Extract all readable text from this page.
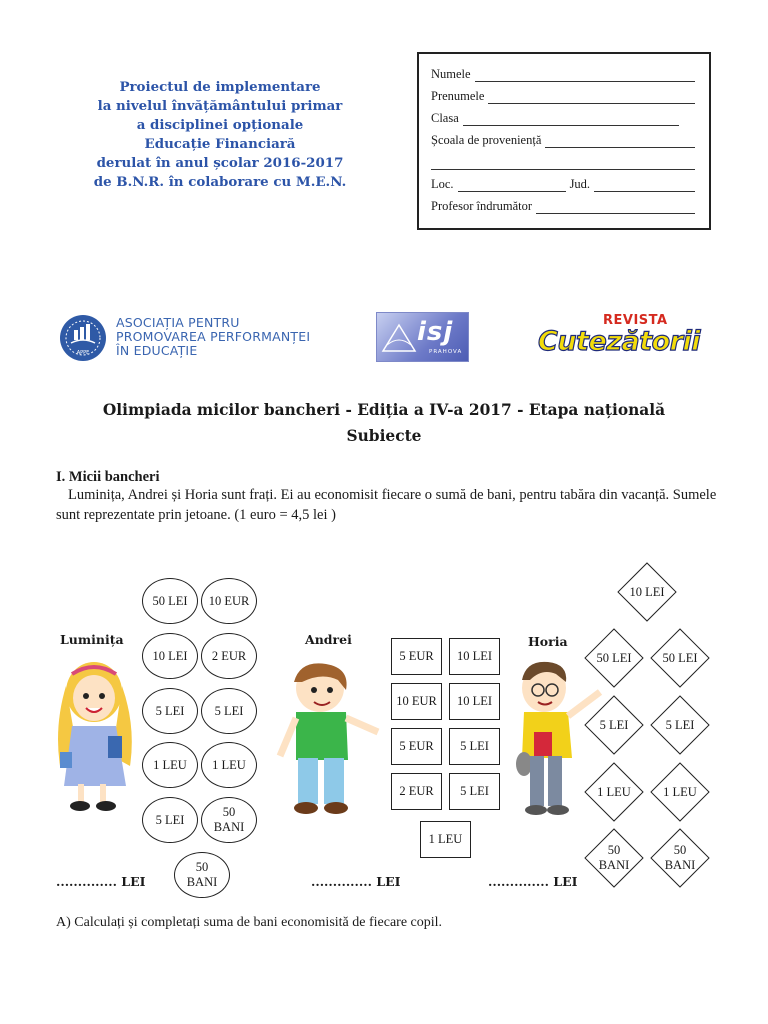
Proiectul de implementare
la nivelul învățământului primar
a disciplinei opționale
Educație Financiară
derulat în anul școlar 2016-2017
de B.N.R. în colaborare cu M.E.N.
Numele
Prenumele
Clasa
Școala de proveniență
Loc.	Jud.
Profesor îndrumător
APPE
ASOCIAȚIA PENTRU
PROMOVAREA PERFORMANȚEI
ÎN EDUCAȚIE
isj
PRAHOVA
REVISTA
Cutezătorii
Olimpiada micilor bancheri - Ediția a IV-a 2017 - Etapa națională
Subiecte
I. Micii bancheri
Luminița, Andrei și Horia sunt frați. Ei au economisit fiecare o sumă de bani, pentru tabăra din vacanță. Sumele sunt reprezentate prin jetoane. (1 euro = 4,5 lei )
Luminița	Andrei	Horia
50 LEI	10 EUR
10 LEI	2 EUR
5 LEI	5 LEI
1 LEU	1 LEU
5 LEI
50 BANI
50 BANI
5 EUR	10 LEI
10 EUR	10 LEI
5 EUR	5 LEI
2 EUR	5 LEI
1 LEU
10 LEI
50 LEI	50 LEI
5 LEI	5 LEI
1 LEU	1 LEU
50 BANI
50 BANI
.............. LEI	.............. LEI	.............. LEI
A) Calculați și completați suma de bani economisită de fiecare copil.
